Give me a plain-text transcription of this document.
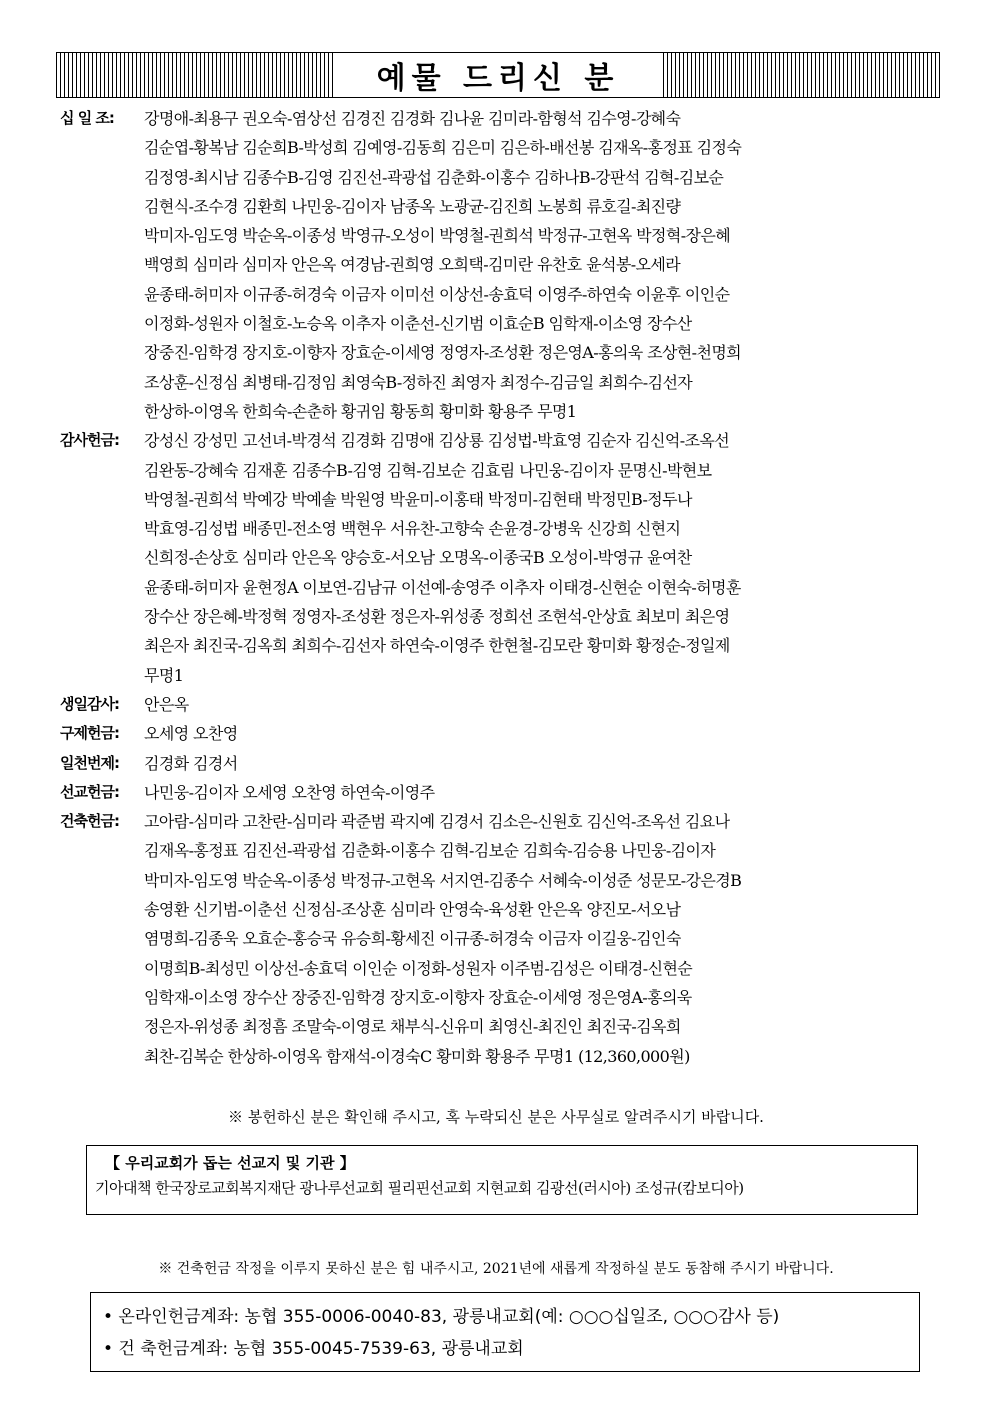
예물 드리신 분
십 일 조:	강명애-최용구 권오숙-염상선 김경진 김경화 김나윤 김미라-함형석 김수영-강혜숙
김순엽-황복남 김순희B-박성희 김예영-김동희 김은미 김은하-배선봉 김재옥-홍정표 김정숙
김정영-최시남 김종수B-김영 김진선-곽광섭 김춘화-이홍수 김하나B-강판석 김혁-김보순
김현식-조수경 김환희 나민웅-김이자 남종옥 노광균-김진희 노봉희 류호길-최진량
박미자-임도영 박순옥-이종성 박영규-오성이 박영철-권희석 박정규-고현옥 박정혁-장은혜
백영희 심미라 심미자 안은옥 여경남-권희영 오희택-김미란 유찬호 윤석봉-오세라
윤종태-허미자 이규종-허경숙 이금자 이미선 이상선-송효덕 이영주-하연숙 이윤후 이인순
이정화-성원자 이철호-노승옥 이추자 이춘선-신기범 이효순B 임학재-이소영 장수산
장중진-임학경 장지호-이향자 장효순-이세영 정영자-조성환 정은영A-홍의욱 조상현-천명희
조상훈-신정심 최병태-김정임 최영숙B-정하진 최영자 최정수-김금일 최희수-김선자
한상하-이영옥 한희숙-손춘하 황귀임 황동희 황미화 황용주 무명1
감사헌금:	강성신 강성민 고선녀-박경석 김경화 김명애 김상룡 김성법-박효영 김순자 김신억-조옥선
김완동-강혜숙 김재훈 김종수B-김영 김혁-김보순 김효림 나민웅-김이자 문명신-박현보
박영철-권희석 박예강 박예솔 박원영 박윤미-이홍태 박정미-김현태 박정민B-정두나
박효영-김성법 배종민-전소영 백현우 서유찬-고향숙 손윤경-강병욱 신강희 신현지
신희정-손상호 심미라 안은옥 양승호-서오남 오명옥-이종국B 오성이-박영규 윤여찬
윤종태-허미자 윤현정A 이보연-김남규 이선예-송영주 이추자 이태경-신현순 이현숙-허명훈
장수산 장은혜-박정혁 정영자-조성환 정은자-위성종 정희선 조현석-안상효 최보미 최은영
최은자 최진국-김옥희 최희수-김선자 하연숙-이영주 한현철-김모란 황미화 황정순-정일제
무명1
생일감사:	안은옥
구제헌금:	오세영 오찬영
일천번제:	김경화 김경서
선교헌금:	나민웅-김이자 오세영 오찬영 하연숙-이영주
건축헌금:	고아람-심미라 고찬란-심미라 곽준범 곽지예 김경서 김소은-신원호 김신억-조옥선 김요나
김재옥-홍정표 김진선-곽광섭 김춘화-이홍수 김혁-김보순 김희숙-김승용 나민웅-김이자
박미자-임도영 박순옥-이종성 박정규-고현옥 서지연-김종수 서혜숙-이성준 성문모-강은경B
송영환 신기범-이춘선 신정심-조상훈 심미라 안영숙-육성환 안은옥 양진모-서오남
염명희-김종욱 오효순-홍승국 유승희-황세진 이규종-허경숙 이금자 이길웅-김인숙
이명희B-최성민 이상선-송효덕 이인순 이정화-성원자 이주범-김성은 이태경-신현순
임학재-이소영 장수산 장중진-임학경 장지호-이향자 장효순-이세영 정은영A-홍의욱
정은자-위성종 최정흠 조말숙-이영로 채부식-신유미 최영신-최진인 최진국-김옥희
최찬-김복순 한상하-이영옥 함재석-이경숙C 황미화 황용주 무명1 (12,360,000원)
※ 봉헌하신 분은 확인해 주시고, 혹 누락되신 분은 사무실로 알려주시기 바랍니다.
【 우리교회가 돕는 선교지 및 기관 】
기아대책 한국장로교회복지재단 광나루선교회 필리핀선교회 지현교회 김광선(러시아) 조성규(캄보디아)
※ 건축헌금 작정을 이루지 못하신 분은 힘 내주시고, 2021년에 새롭게 작정하실 분도 동참해 주시기 바랍니다.
• 온라인헌금계좌: 농협 355-0006-0040-83, 광릉내교회(예: ○○○십일조, ○○○감사 등)
• 건 축헌금계좌: 농협 355-0045-7539-63, 광릉내교회
